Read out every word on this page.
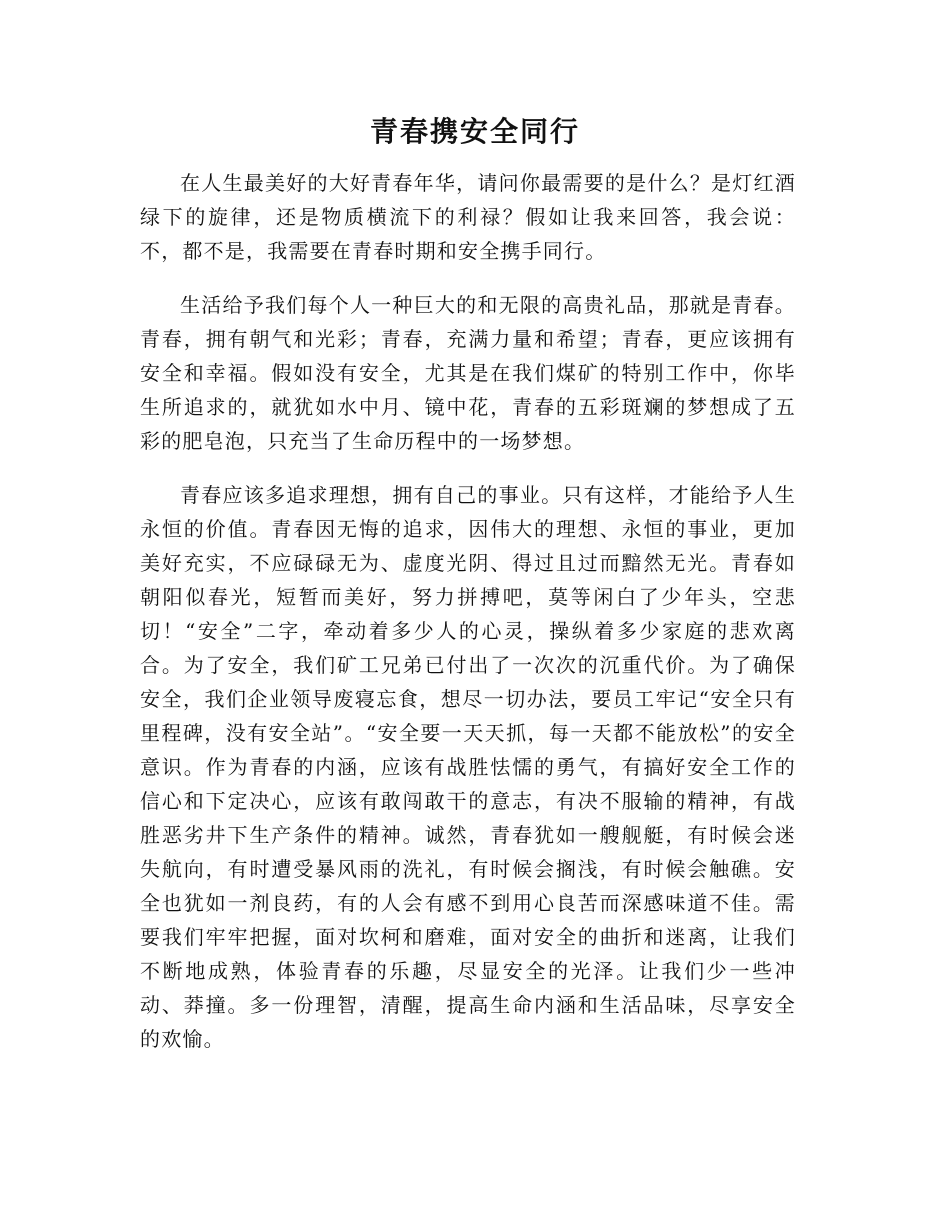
青春携安全同行

在人生最美好的大好青春年华，请问你最需要的是什么？是灯红酒绿下的旋律，还是物质横流下的利禄？假如让我来回答，我会说：不，都不是，我需要在青春时期和安全携手同行。

生活给予我们每个人一种巨大的和无限的高贵礼品，那就是青春。青春，拥有朝气和光彩；青春，充满力量和希望；青春，更应该拥有安全和幸福。假如没有安全，尤其是在我们煤矿的特别工作中，你毕生所追求的，就犹如水中月、镜中花，青春的五彩斑斓的梦想成了五彩的肥皂泡，只充当了生命历程中的一场梦想。

青春应该多追求理想，拥有自己的事业。只有这样，才能给予人生永恒的价值。青春因无悔的追求，因伟大的理想、永恒的事业，更加美好充实，不应碌碌无为、虚度光阴、得过且过而黯然无光。青春如朝阳似春光，短暂而美好，努力拼搏吧，莫等闲白了少年头，空悲切！“安全”二字，牵动着多少人的心灵，操纵着多少家庭的悲欢离合。为了安全，我们矿工兄弟已付出了一次次的沉重代价。为了确保安全，我们企业领导废寝忘食，想尽一切办法，要员工牢记“安全只有里程碑，没有安全站”。“安全要一天天抓，每一天都不能放松”的安全意识。作为青春的内涵，应该有战胜怯懦的勇气，有搞好安全工作的信心和下定决心，应该有敢闯敢干的意志，有决不服输的精神，有战胜恶劣井下生产条件的精神。诚然，青春犹如一艘舰艇，有时候会迷失航向，有时遭受暴风雨的洗礼，有时候会搁浅，有时候会触礁。安全也犹如一剂良药，有的人会有感不到用心良苦而深感味道不佳。需要我们牢牢把握，面对坎柯和磨难，面对安全的曲折和迷离，让我们不断地成熟，体验青春的乐趣，尽显安全的光泽。让我们少一些冲动、莽撞。多一份理智，清醒，提高生命内涵和生活品味，尽享安全的欢愉。
